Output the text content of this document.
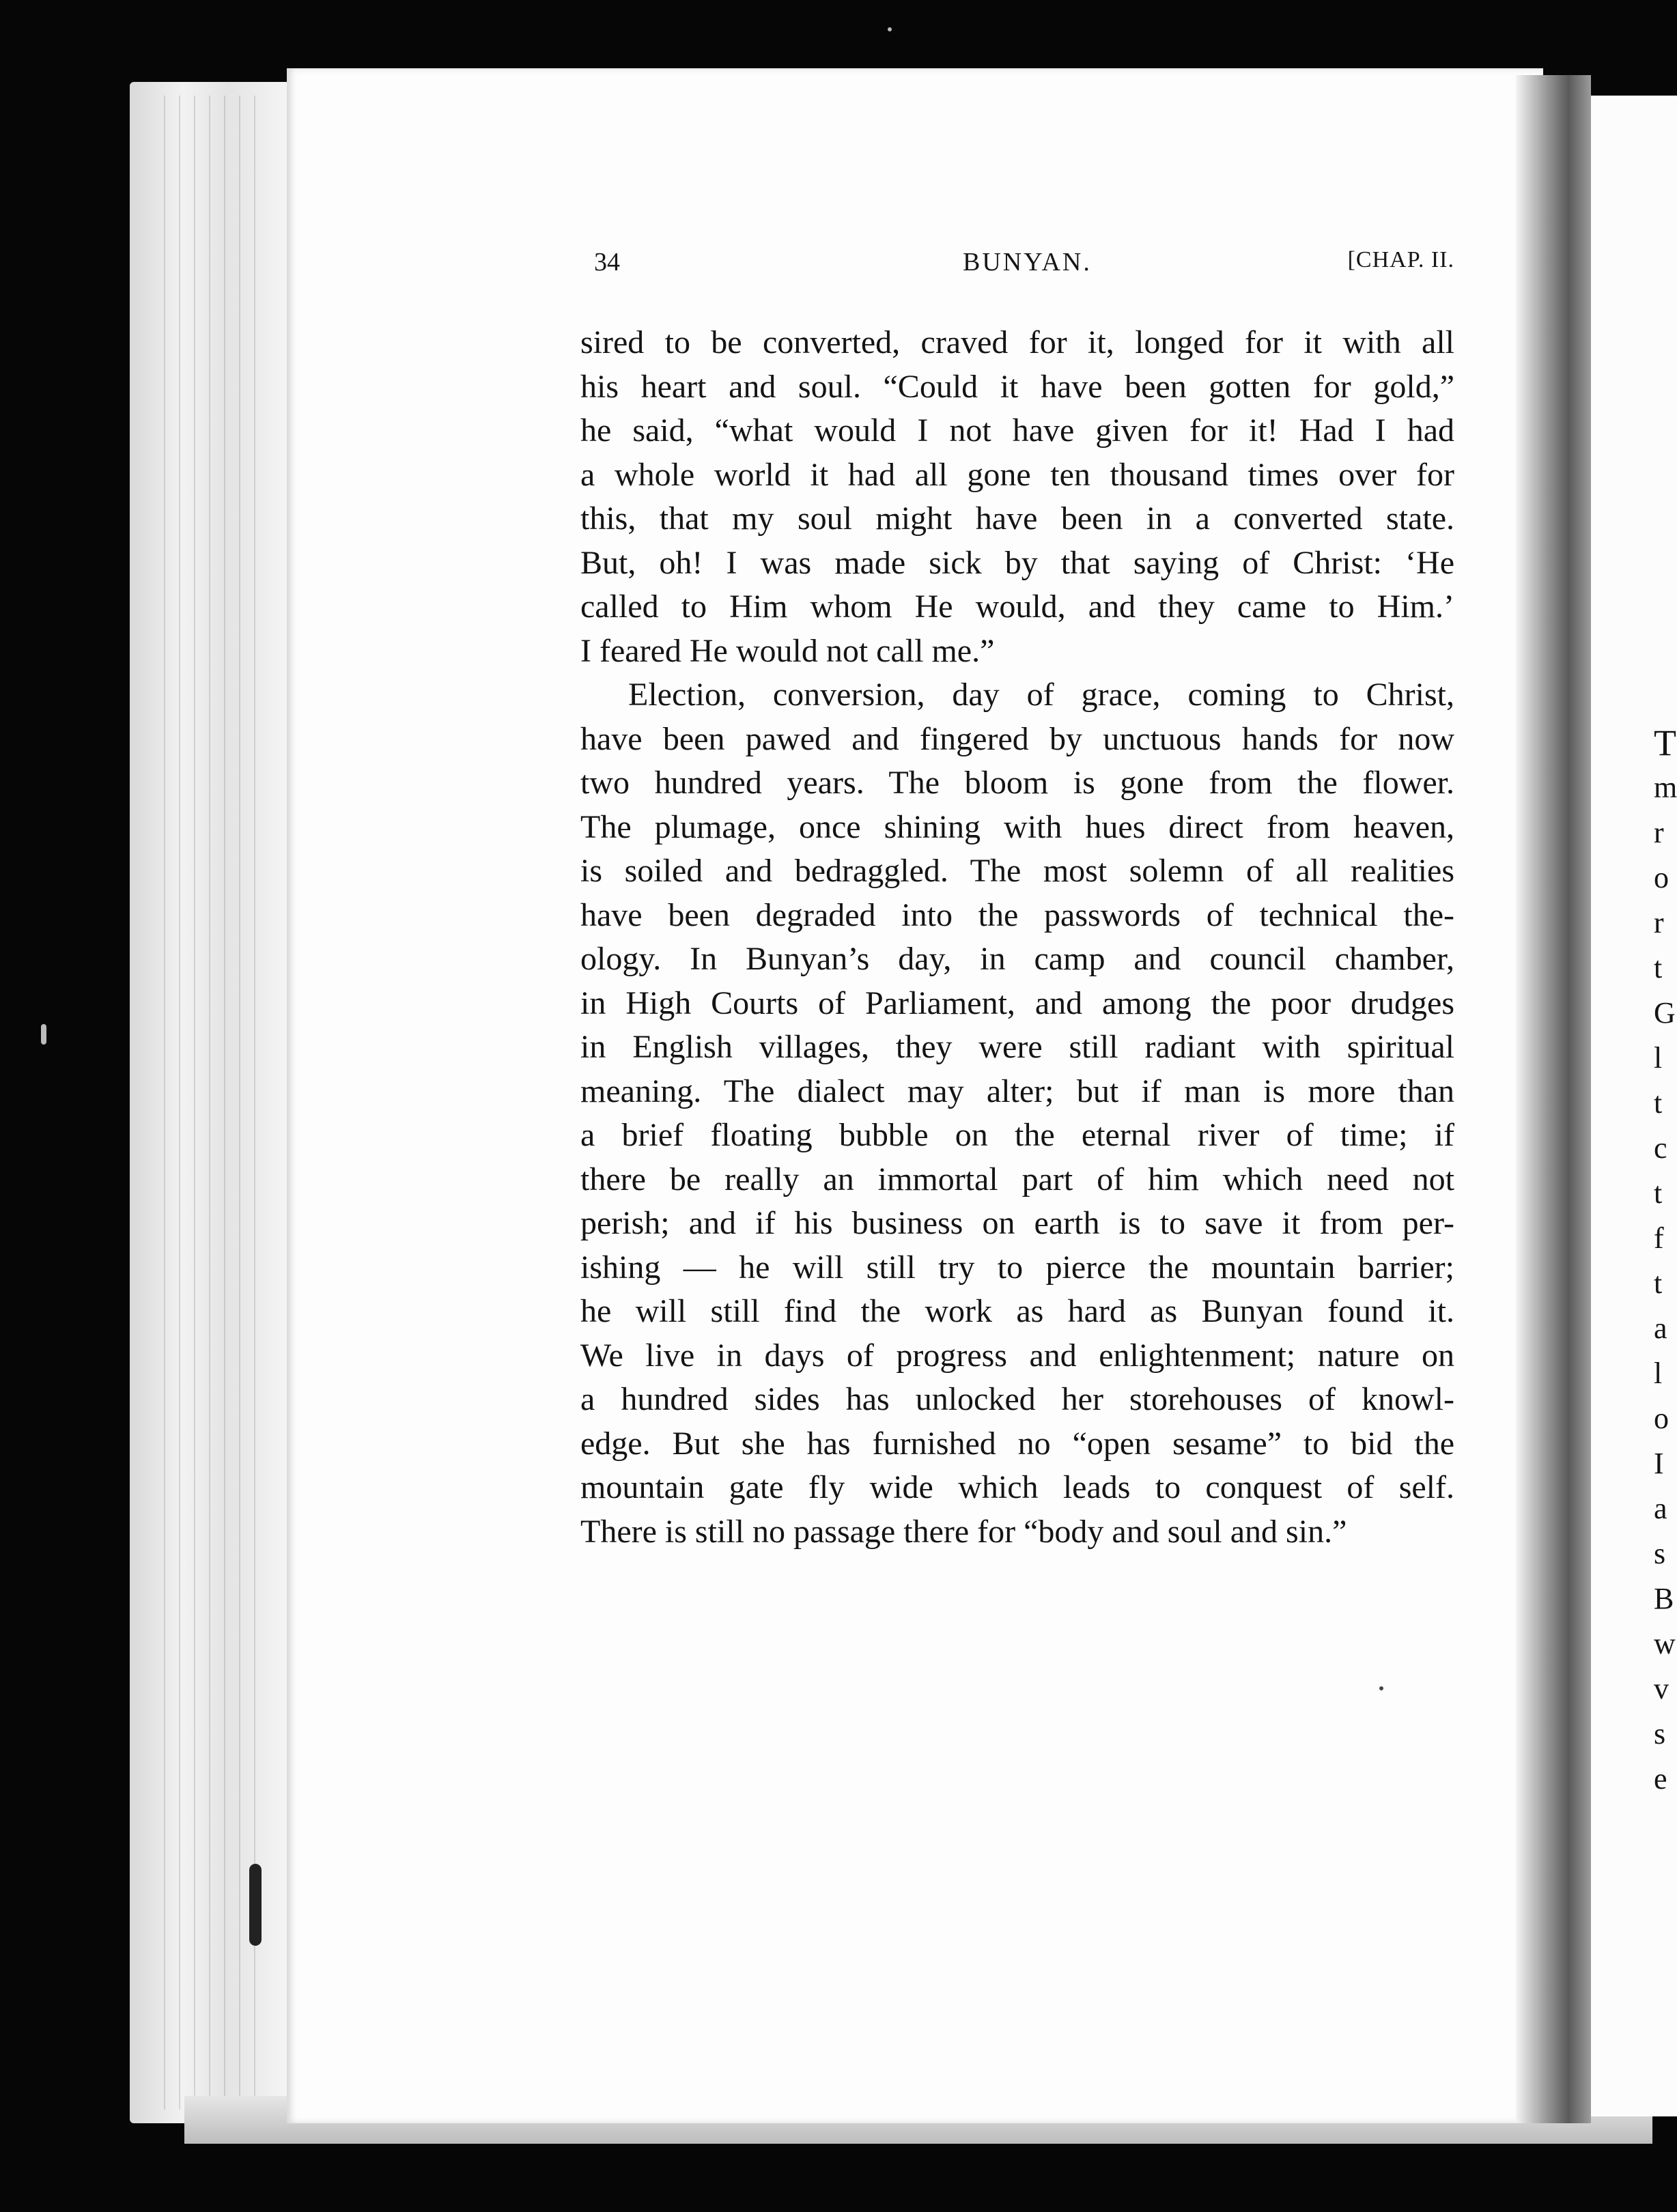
34	BUNYAN.	[CHAP. II.
sired to be converted, craved for it, longed for it with all
his heart and soul. “Could it have been gotten for gold,”
he said, “what would I not have given for it! Had I had
a whole world it had all gone ten thousand times over for
this, that my soul might have been in a converted state.
But, oh! I was made sick by that saying of Christ: ‘He
called to Him whom He would, and they came to Him.’
I feared He would not call me.”
Election, conversion, day of grace, coming to Christ,
have been pawed and fingered by unctuous hands for now
two hundred years. The bloom is gone from the flower.
The plumage, once shining with hues direct from heaven,
is soiled and bedraggled. The most solemn of all realities
have been degraded into the passwords of technical the-
ology. In Bunyan’s day, in camp and council chamber,
in High Courts of Parliament, and among the poor drudges
in English villages, they were still radiant with spiritual
meaning. The dialect may alter; but if man is more than
a brief floating bubble on the eternal river of time; if
there be really an immortal part of him which need not
perish; and if his business on earth is to save it from per-
ishing — he will still try to pierce the mountain barrier;
he will still find the work as hard as Bunyan found it.
We live in days of progress and enlightenment; nature on
a hundred sides has unlocked her storehouses of knowl-
edge. But she has furnished no “open sesame” to bid the
mountain gate fly wide which leads to conquest of self.
There is still no passage there for “body and soul and sin.”
T
m
r
o
r
t
G
l
t
c
t
f
t
a
l
o
I
a
s
B
w
v
s
e
